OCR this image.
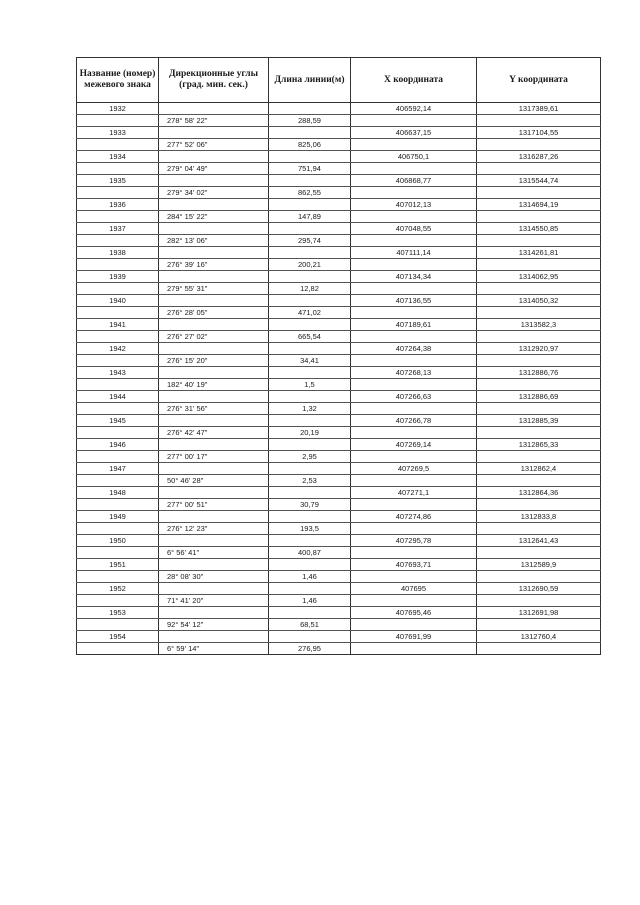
Название (номер) межевого знака	Дирекционные углы (град. мин. сек.)	Длина линии(м)	X координата	Y координата
1932			406592,14	1317389,61
	278° 58' 22"	288,59		
1933			406637,15	1317104,55
	277° 52' 06"	825,06		
1934			406750,1	1316287,26
	279° 04' 49"	751,94		
1935			406868,77	1315544,74
	279° 34' 02"	862,55		
1936			407012,13	1314694,19
	284° 15' 22"	147,89		
1937			407048,55	1314550,85
	282° 13' 06"	295,74		
1938			407111,14	1314261,81
	276° 39' 16"	200,21		
1939			407134,34	1314062,95
	279° 55' 31"	12,82		
1940			407136,55	1314050,32
	276° 28' 05"	471,02		
1941			407189,61	1313582,3
	276° 27' 02"	665,54		
1942			407264,38	1312920,97
	276° 15' 20"	34,41		
1943			407268,13	1312886,76
	182° 40' 19"	1,5		
1944			407266,63	1312886,69
	276° 31' 56"	1,32		
1945			407266,78	1312885,39
	276° 42' 47"	20,19		
1946			407269,14	1312865,33
	277° 00' 17"	2,95		
1947			407269,5	1312862,4
	50° 46' 28"	2,53		
1948			407271,1	1312864,36
	277° 00' 51"	30,79		
1949			407274,86	1312833,8
	276° 12' 23"	193,5		
1950			407295,78	1312641,43
	6° 56' 41"	400,87		
1951			407693,71	1312589,9
	28° 08' 30"	1,46		
1952			407695	1312690,59
	71° 41' 20"	1,46		
1953			407695,46	1312691,98
	92° 54' 12"	68,51		
1954			407691,99	1312760,4
	6° 59' 14"	276,95		
